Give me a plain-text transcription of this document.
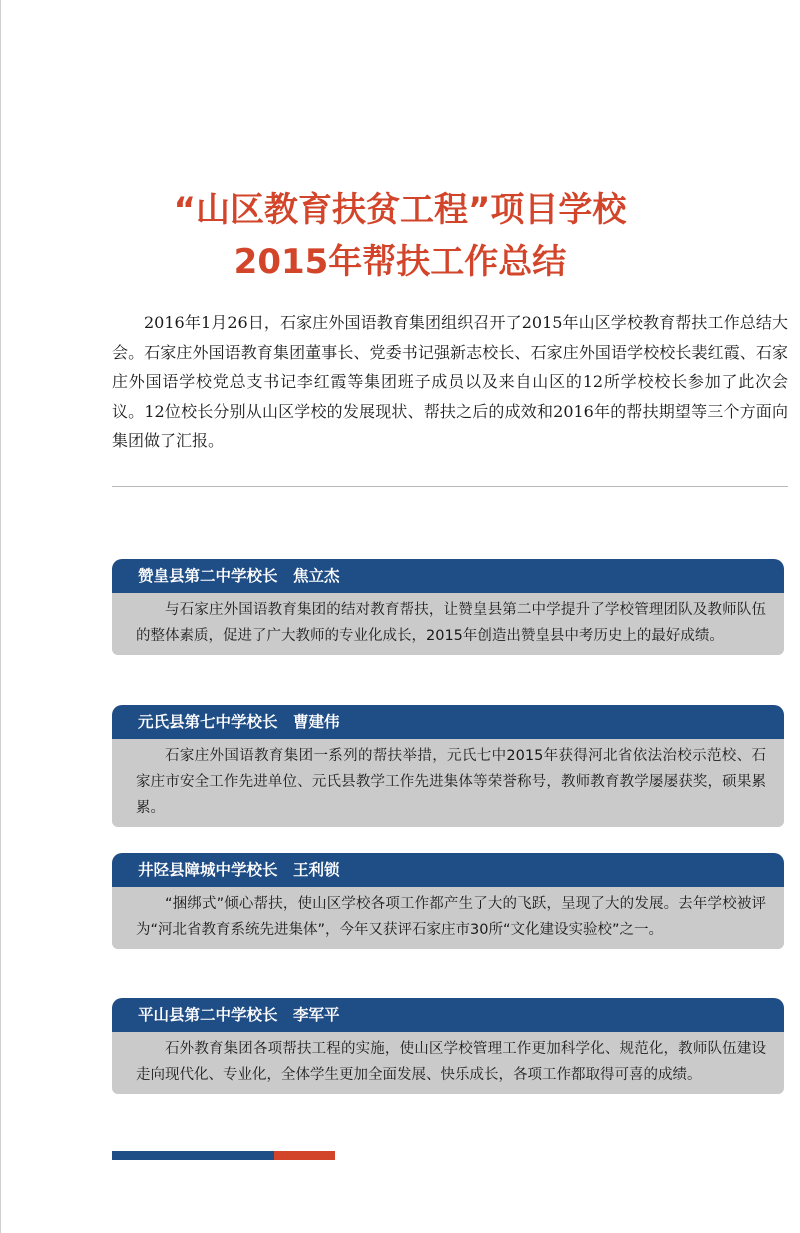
“山区教育扶贫工程”项目学校
2015年帮扶工作总结

2016年1月26日，石家庄外国语教育集团组织召开了2015年山区学校教育帮扶工作总结大会。石家庄外国语教育集团董事长、党委书记强新志校长、石家庄外国语学校校长裴红霞、石家庄外国语学校党总支书记李红霞等集团班子成员以及来自山区的12所学校校长参加了此次会议。12位校长分别从山区学校的发展现状、帮扶之后的成效和2016年的帮扶期望等三个方面向集团做了汇报。

赞皇县第二中学校长　焦立杰

与石家庄外国语教育集团的结对教育帮扶，让赞皇县第二中学提升了学校管理团队及教师队伍的整体素质，促进了广大教师的专业化成长，2015年创造出赞皇县中考历史上的最好成绩。

元氏县第七中学校长　曹建伟

石家庄外国语教育集团一系列的帮扶举措，元氏七中2015年获得河北省依法治校示范校、石家庄市安全工作先进单位、元氏县教学工作先进集体等荣誉称号，教师教育教学屡屡获奖，硕果累累。

井陉县障城中学校长　王利锁

“捆绑式”倾心帮扶，使山区学校各项工作都产生了大的飞跃，呈现了大的发展。去年学校被评为“河北省教育系统先进集体”，今年又获评石家庄市30所“文化建设实验校”之一。

平山县第二中学校长　李军平

石外教育集团各项帮扶工程的实施，使山区学校管理工作更加科学化、规范化，教师队伍建设走向现代化、专业化，全体学生更加全面发展、快乐成长，各项工作都取得可喜的成绩。
